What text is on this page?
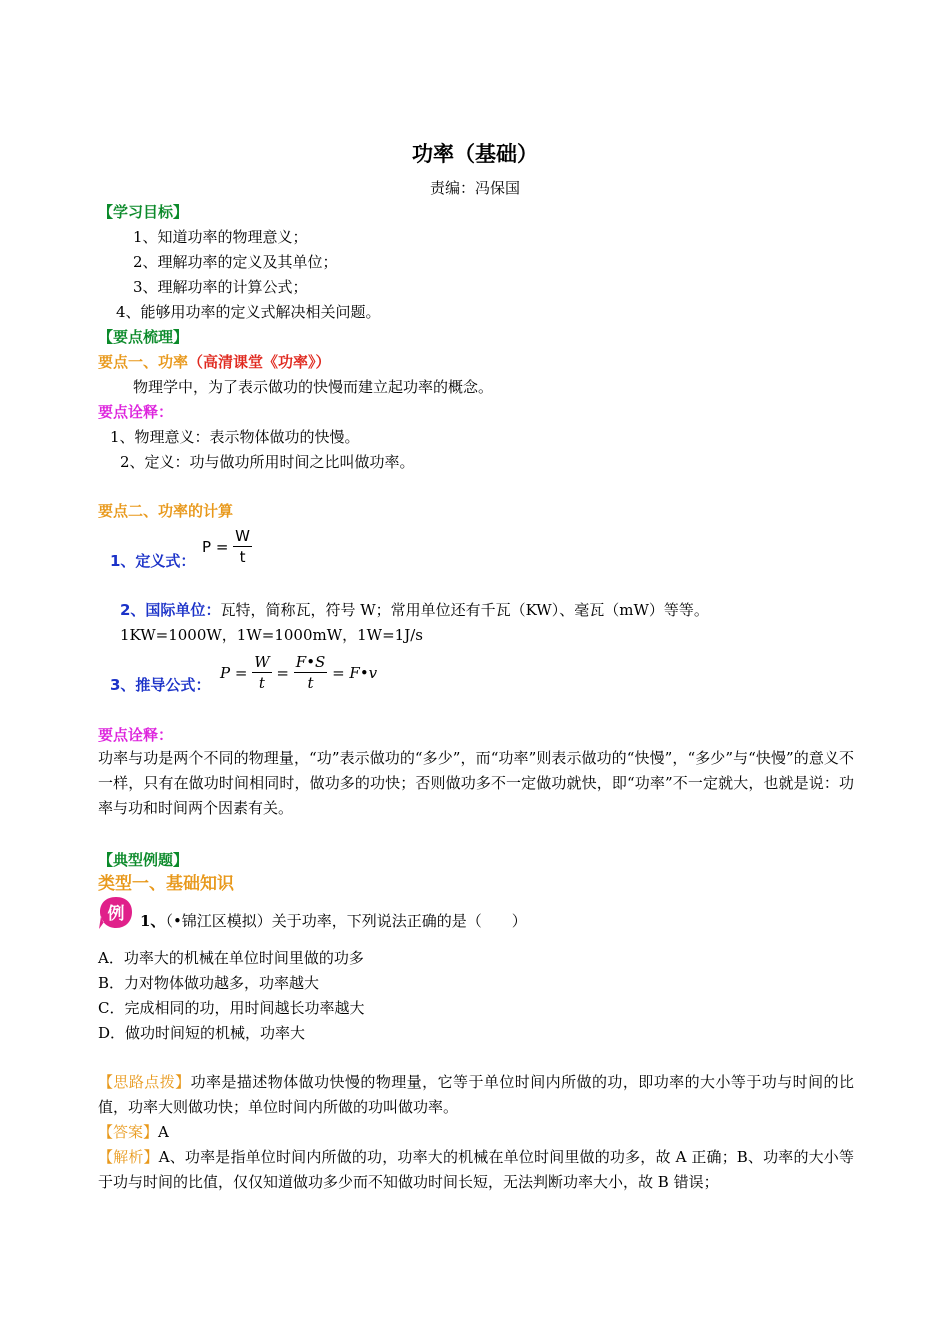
功率（基础）
责编：冯保国
【学习目标】
1、知道功率的物理意义；
2、理解功率的定义及其单位；
3、理解功率的计算公式；
4、能够用功率的定义式解决相关问题。
【要点梳理】
要点一、功率（高清课堂《功率》）
物理学中，为了表示做功的快慢而建立起功率的概念。
要点诠释：
1、物理意义：表示物体做功的快慢。
2、定义：功与做功所用时间之比叫做功率。
要点二、功率的计算
1、定义式：
$P = \frac{W}{t}$
2、国际单位：瓦特，简称瓦，符号 W；常用单位还有千瓦（KW）、毫瓦（mW）等等。
1KW=1000W，1W=1000mW，1W=1J/s
3、推导公式：
$P = \frac{W}{t} = \frac{F•S}{t}$ = F•v
要点诠释：
功率与功是两个不同的物理量，“功”表示做功的“多少”，而“功率”则表示做功的“快慢”，“多少”与“快慢”的意义不一样，只有在做功时间相同时，做功多的功快；否则做功多不一定做功就快，即“功率”不一定就大，也就是说：功率与功和时间两个因素有关。
【典型例题】
类型一、基础知识
例 1、（•锦江区模拟）关于功率，下列说法正确的是（　　）
A．功率大的机械在单位时间里做的功多
B．力对物体做功越多，功率越大
C．完成相同的功，用时间越长功率越大
D．做功时间短的机械，功率大
【思路点拨】功率是描述物体做功快慢的物理量，它等于单位时间内所做的功，即功率的大小等于功与时间的比值，功率大则做功快；单位时间内所做的功叫做功率。
【答案】A
【解析】A、功率是指单位时间内所做的功，功率大的机械在单位时间里做的功多，故 A 正确；B、功率的大小等于功与时间的比值，仅仅知道做功多少而不知做功时间长短，无法判断功率大小，故 B 错误；
